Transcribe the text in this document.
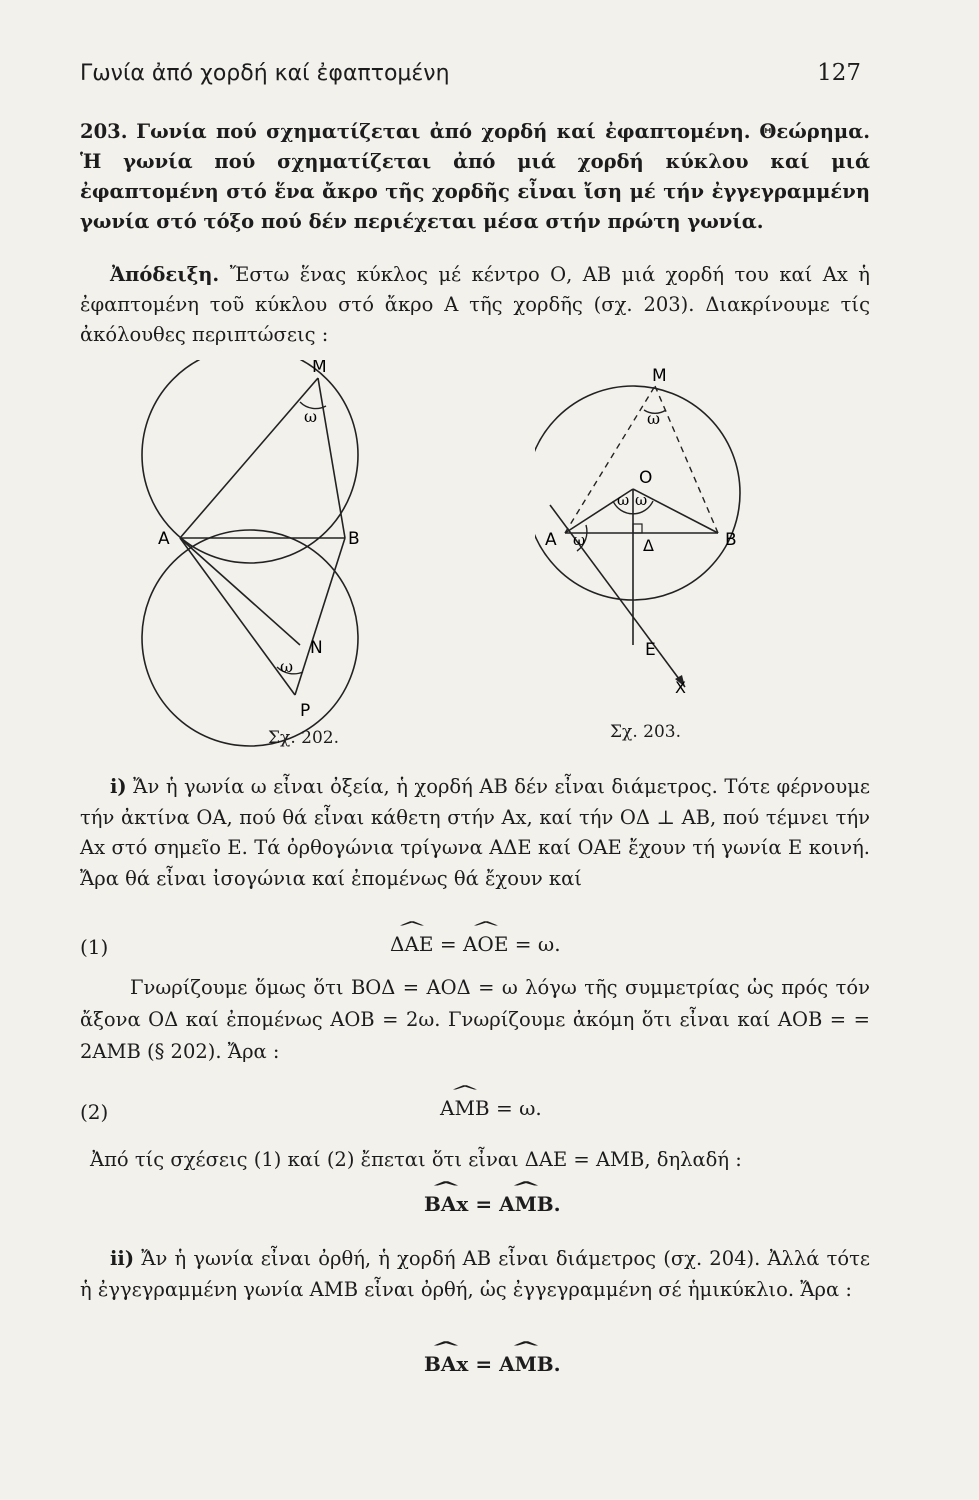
Γωνία ἀπό χορδή καί ἐφαπτομένη	127
203. Γωνία πού σχηματίζεται ἀπό χορδή καί ἐφαπτομένη. Θεώρημα. Ἡ γωνία πού σχηματίζεται ἀπό μιά χορδή κύκλου καί μιά ἐφαπτομένη στό ἕνα ἄκρο τῆς χορδῆς εἶναι ἴση μέ τήν ἐγγεγραμμένη γωνία στό τόξο πού δέν περιέχεται μέσα στήν πρώτη γωνία.
Ἀπόδειξη. Ἔστω ἕνας κύκλος μέ κέντρο Ο, ΑΒ μιά χορδή του καί Αx ἡ ἐφαπτομένη τοῦ κύκλου στό ἄκρο Α τῆς χορδῆς (σχ. 203). Διακρίνουμε τίς ἀκόλουθες περιπτώσεις :
Μ
ω
Α	Β
Ν
ω
Ρ
Σχ. 202.
Μ
ω
Ο
ω ω
Α ω	Δ	Β
Ε
Χ
Σχ. 203.
i) Ἄν ἡ γωνία ω εἶναι ὀξεία, ἡ χορδή ΑΒ δέν εἶναι διάμετρος. Τότε φέρνουμε τήν ἀκτίνα ΟΑ, πού θά εἶναι κάθετη στήν Αx, καί τήν ΟΔ ⊥ ΑΒ, πού τέμνει τήν Αx στό σημεῖο Ε. Τά ὀρθογώνια τρίγωνα ΑΔΕ καί ΟΑΕ ἔχουν τή γωνία Ε κοινή. Ἄρα θά εἶναι ἰσογώνια καί ἐπομένως θά ἔχουν καί
(1)	^ ΔΑΕ = ^ ΑΟΕ = ω.
Γνωρίζουμε ὅμως ὅτι ΒΟΔ = ΑΟΔ = ω λόγω τῆς συμμετρίας ὡς πρός τόν ἄξονα ΟΔ καί ἐπομένως ΑΟΒ = 2ω. Γνωρίζουμε ἀκόμη ὅτι εἶναι καί ΑΟΒ = = 2ΑΜΒ (§ 202). Ἄρα :
(2)	^ ΑΜΒ = ω.
Ἀπό τίς σχέσεις (1) καί (2) ἔπεται ὅτι εἶναι ΔΑΕ = ΑΜΒ, δηλαδή :
^ ΒΑx = ^ ΑΜΒ.
ii) Ἄν ἡ γωνία εἶναι ὀρθή, ἡ χορδή ΑΒ εἶναι διάμετρος (σχ. 204). Ἀλλά τότε ἡ ἐγγεγραμμένη γωνία ΑΜΒ εἶναι ὀρθή, ὡς ἐγγεγραμμένη σέ ἡμικύκλιο. Ἄρα :
^ ΒΑx = ^ ΑΜΒ.
